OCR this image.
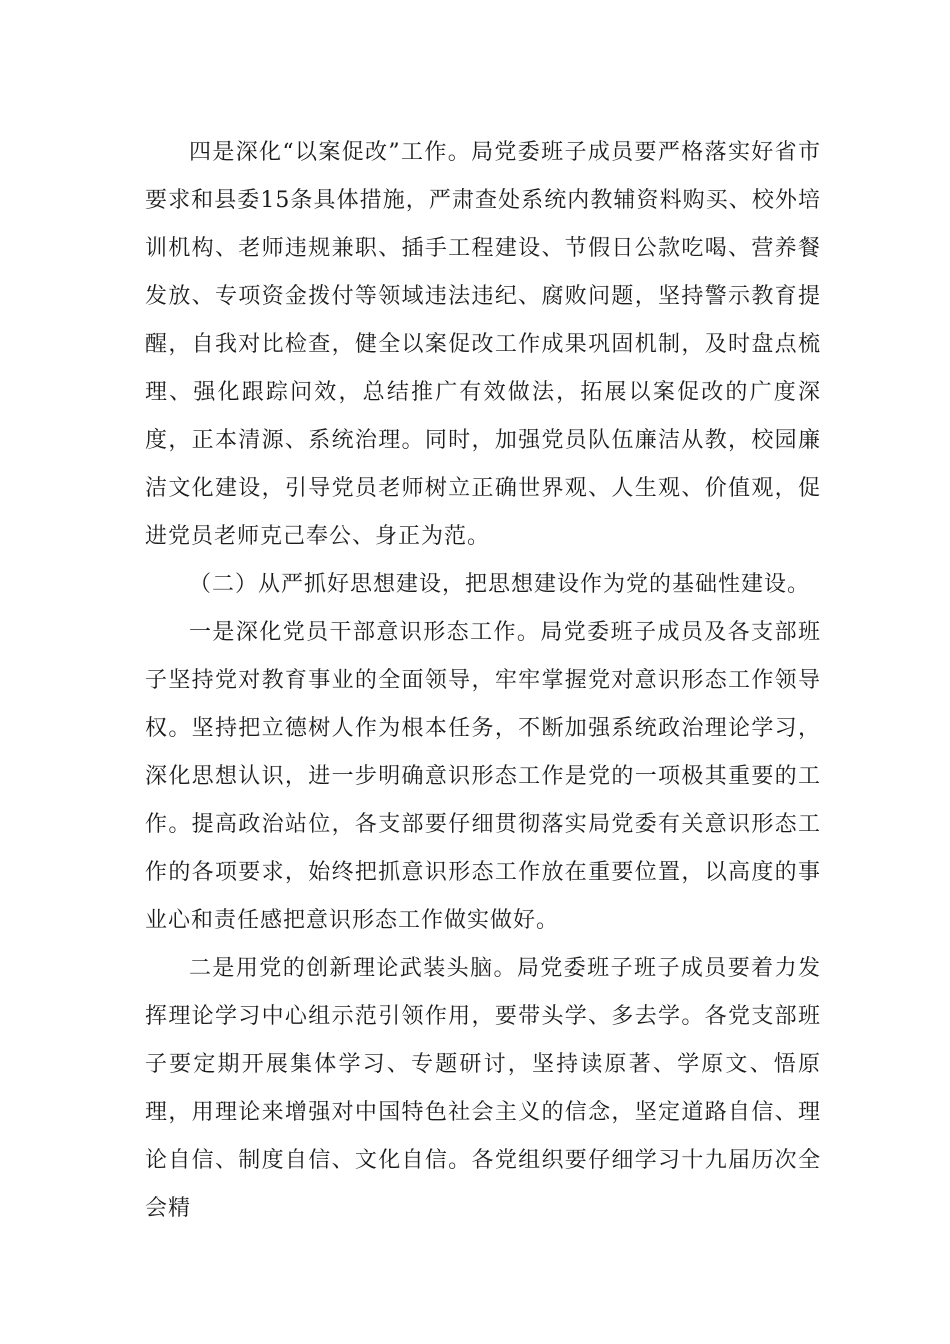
四是深化“以案促改”工作。局党委班子成员要严格落实好省市要求和县委15条具体措施，严肃查处系统内教辅资料购买、校外培训机构、老师违规兼职、插手工程建设、节假日公款吃喝、营养餐发放、专项资金拨付等领域违法违纪、腐败问题，坚持警示教育提醒，自我对比检查，健全以案促改工作成果巩固机制，及时盘点梳理、强化跟踪问效，总结推广有效做法，拓展以案促改的广度深度，正本清源、系统治理。同时，加强党员队伍廉洁从教，校园廉洁文化建设，引导党员老师树立正确世界观、人生观、价值观，促进党员老师克己奉公、身正为范。

（二）从严抓好思想建设，把思想建设作为党的基础性建设。

一是深化党员干部意识形态工作。局党委班子成员及各支部班子坚持党对教育事业的全面领导，牢牢掌握党对意识形态工作领导权。坚持把立德树人作为根本任务，不断加强系统政治理论学习，深化思想认识，进一步明确意识形态工作是党的一项极其重要的工作。提高政治站位，各支部要仔细贯彻落实局党委有关意识形态工作的各项要求，始终把抓意识形态工作放在重要位置，以高度的事业心和责任感把意识形态工作做实做好。

二是用党的创新理论武装头脑。局党委班子班子成员要着力发挥理论学习中心组示范引领作用，要带头学、多去学。各党支部班子要定期开展集体学习、专题研讨，坚持读原著、学原文、悟原理，用理论来增强对中国特色社会主义的信念，坚定道路自信、理论自信、制度自信、文化自信。各党组织要仔细学习十九届历次全会精
